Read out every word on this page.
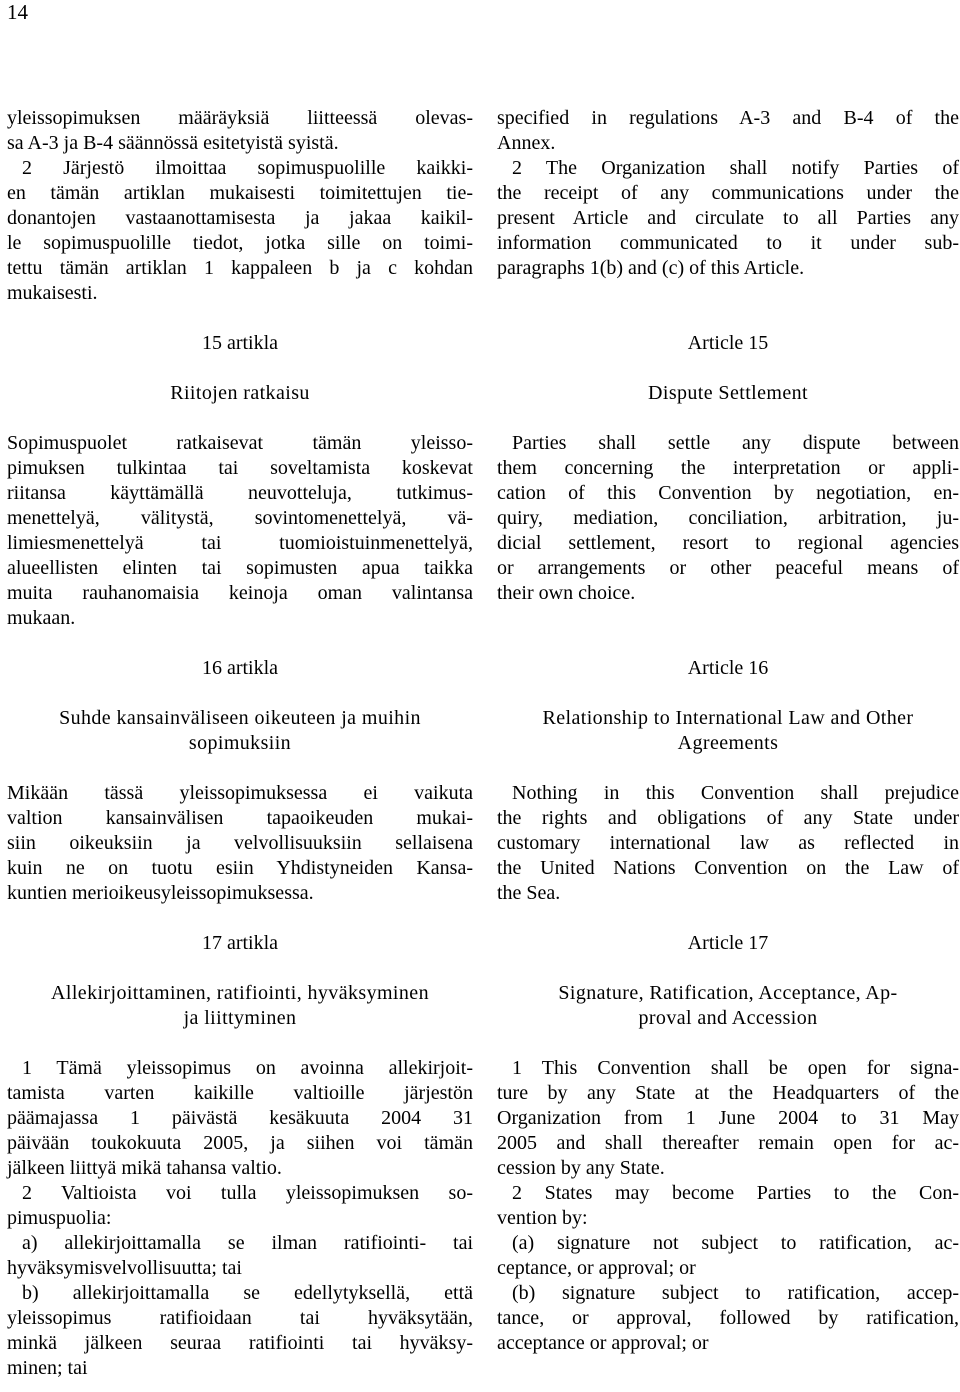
14
yleissopimuksen määräyksiä liitteessä olevas-
sa A-3 ja B-4 säännössä esitetyistä syistä.
2 Järjestö ilmoittaa sopimuspuolille kaikki-
en tämän artiklan mukaisesti toimitettujen tie-
donantojen vastaanottamisesta ja jakaa kaikil-
le sopimuspuolille tiedot, jotka sille on toimi-
tettu tämän artiklan 1 kappaleen b ja c kohdan
mukaisesti.
15 artikla
Riitojen ratkaisu
Sopimuspuolet ratkaisevat tämän yleisso-
pimuksen tulkintaa tai soveltamista koskevat
riitansa käyttämällä neuvotteluja, tutkimus-
menettelyä, välitystä, sovintomenettelyä, vä-
limiesmenettelyä tai tuomioistuinmenettelyä,
alueellisten elinten tai sopimusten apua taikka
muita rauhanomaisia keinoja oman valintansa
mukaan.
16 artikla
Suhde kansainväliseen oikeuteen ja muihin
sopimuksiin
Mikään tässä yleissopimuksessa ei vaikuta
valtion kansainvälisen tapaoikeuden mukai-
siin oikeuksiin ja velvollisuuksiin sellaisena
kuin ne on tuotu esiin Yhdistyneiden Kansa-
kuntien merioikeusyleissopimuksessa.
17 artikla
Allekirjoittaminen, ratifiointi, hyväksyminen
ja liittyminen
1 Tämä yleissopimus on avoinna allekirjoit-
tamista varten kaikille valtioille järjestön
päämajassa 1 päivästä kesäkuuta 2004 31
päivään toukokuuta 2005, ja siihen voi tämän
jälkeen liittyä mikä tahansa valtio.
2 Valtioista voi tulla yleissopimuksen so-
pimuspuolia:
a) allekirjoittamalla se ilman ratifiointi- tai
hyväksymisvelvollisuutta; tai
b) allekirjoittamalla se edellytyksellä, että
yleissopimus ratifioidaan tai hyväksytään,
minkä jälkeen seuraa ratifiointi tai hyväksy-
minen; tai
specified in regulations A-3 and B-4 of the
Annex.
2 The Organization shall notify Parties of
the receipt of any communications under the
present Article and circulate to all Parties any
information communicated to it under sub-
paragraphs 1(b) and (c) of this Article.
Article 15
Dispute Settlement
Parties shall settle any dispute between
them concerning the interpretation or appli-
cation of this Convention by negotiation, en-
quiry, mediation, conciliation, arbitration, ju-
dicial settlement, resort to regional agencies
or arrangements or other peaceful means of
their own choice.
Article 16
Relationship to International Law and Other
Agreements
Nothing in this Convention shall prejudice
the rights and obligations of any State under
customary international law as reflected in
the United Nations Convention on the Law of
the Sea.
Article 17
Signature, Ratification, Acceptance, Ap-
proval and Accession
1 This Convention shall be open for signa-
ture by any State at the Headquarters of the
Organization from 1 June 2004 to 31 May
2005 and shall thereafter remain open for ac-
cession by any State.
2 States may become Parties to the Con-
vention by:
(a) signature not subject to ratification, ac-
ceptance, or approval; or
(b) signature subject to ratification, accep-
tance, or approval, followed by ratification,
acceptance or approval; or
